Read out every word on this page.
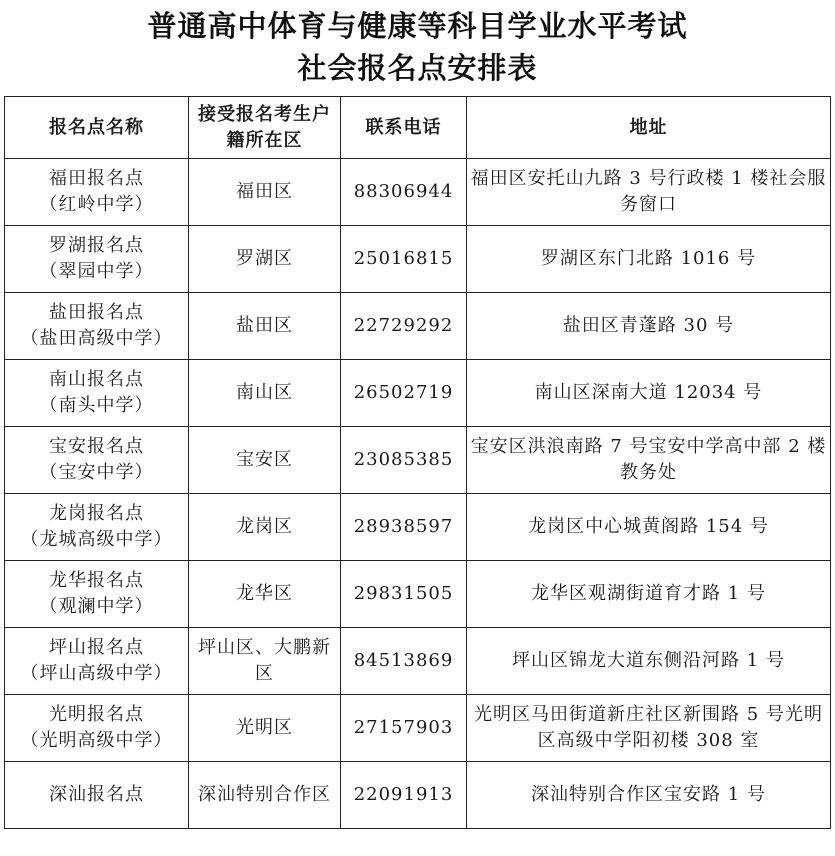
普通高中体育与健康等科目学业水平考试
社会报名点安排表
报名点名称	接受报名考生户籍所在区	联系电话	地址

福田报名点
（红岭中学）	福田区	88306944	福田区安托山九路 3 号行政楼 1 楼社会服务窗口

罗湖报名点
（翠园中学）	罗湖区	25016815	罗湖区东门北路 1016 号

盐田报名点
（盐田高级中学）	盐田区	22729292	盐田区青蓬路 30 号

南山报名点
（南头中学）	南山区	26502719	南山区深南大道 12034 号

宝安报名点
（宝安中学）	宝安区	23085385	宝安区洪浪南路 7 号宝安中学高中部 2 楼教务处

龙岗报名点
（龙城高级中学）	龙岗区	28938597	龙岗区中心城黄阁路 154 号

龙华报名点
（观澜中学）	龙华区	29831505	龙华区观湖街道育才路 1 号

坪山报名点
（坪山高级中学）	坪山区、大鹏新区	84513869	坪山区锦龙大道东侧沿河路 1 号

光明报名点
（光明高级中学）	光明区	27157903	光明区马田街道新庄社区新围路 5 号光明区高级中学阳初楼 308 室

深汕报名点	深汕特别合作区	22091913	深汕特别合作区宝安路 1 号
